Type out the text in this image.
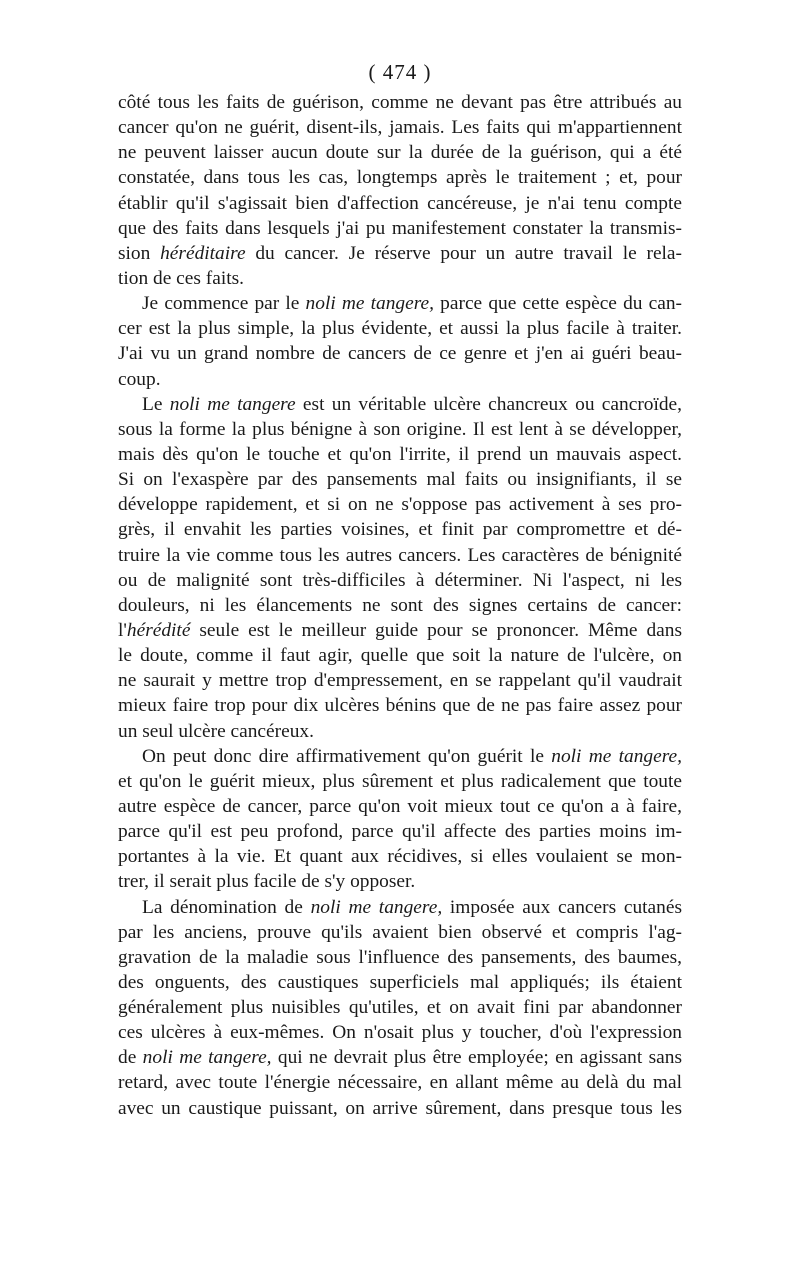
( 474 )
côté tous les faits de guérison, comme ne devant pas être attribués au
cancer qu'on ne guérit, disent-ils, jamais. Les faits qui m'appartiennent
ne peuvent laisser aucun doute sur la durée de la guérison, qui a été
constatée, dans tous les cas, longtemps après le traitement ; et, pour
établir qu'il s'agissait bien d'affection cancéreuse, je n'ai tenu compte
que des faits dans lesquels j'ai pu manifestement constater la transmis-
sion héréditaire du cancer. Je réserve pour un autre travail le rela-
tion de ces faits.
Je commence par le noli me tangere, parce que cette espèce du can-
cer est la plus simple, la plus évidente, et aussi la plus facile à traiter.
J'ai vu un grand nombre de cancers de ce genre et j'en ai guéri beau-
coup.
Le noli me tangere est un véritable ulcère chancreux ou cancroïde,
sous la forme la plus bénigne à son origine. Il est lent à se développer,
mais dès qu'on le touche et qu'on l'irrite, il prend un mauvais aspect.
Si on l'exaspère par des pansements mal faits ou insignifiants, il se
développe rapidement, et si on ne s'oppose pas activement à ses pro-
grès, il envahit les parties voisines, et finit par compromettre et dé-
truire la vie comme tous les autres cancers. Les caractères de bénignité
ou de malignité sont très-difficiles à déterminer. Ni l'aspect, ni les
douleurs, ni les élancements ne sont des signes certains de cancer:
l'hérédité seule est le meilleur guide pour se prononcer. Même dans
le doute, comme il faut agir, quelle que soit la nature de l'ulcère, on
ne saurait y mettre trop d'empressement, en se rappelant qu'il vaudrait
mieux faire trop pour dix ulcères bénins que de ne pas faire assez pour
un seul ulcère cancéreux.
On peut donc dire affirmativement qu'on guérit le noli me tangere,
et qu'on le guérit mieux, plus sûrement et plus radicalement que toute
autre espèce de cancer, parce qu'on voit mieux tout ce qu'on a à faire,
parce qu'il est peu profond, parce qu'il affecte des parties moins im-
portantes à la vie. Et quant aux récidives, si elles voulaient se mon-
trer, il serait plus facile de s'y opposer.
La dénomination de noli me tangere, imposée aux cancers cutanés
par les anciens, prouve qu'ils avaient bien observé et compris l'ag-
gravation de la maladie sous l'influence des pansements, des baumes,
des onguents, des caustiques superficiels mal appliqués; ils étaient
généralement plus nuisibles qu'utiles, et on avait fini par abandonner
ces ulcères à eux-mêmes. On n'osait plus y toucher, d'où l'expression
de noli me tangere, qui ne devrait plus être employée; en agissant sans
retard, avec toute l'énergie nécessaire, en allant même au delà du mal
avec un caustique puissant, on arrive sûrement, dans presque tous les
